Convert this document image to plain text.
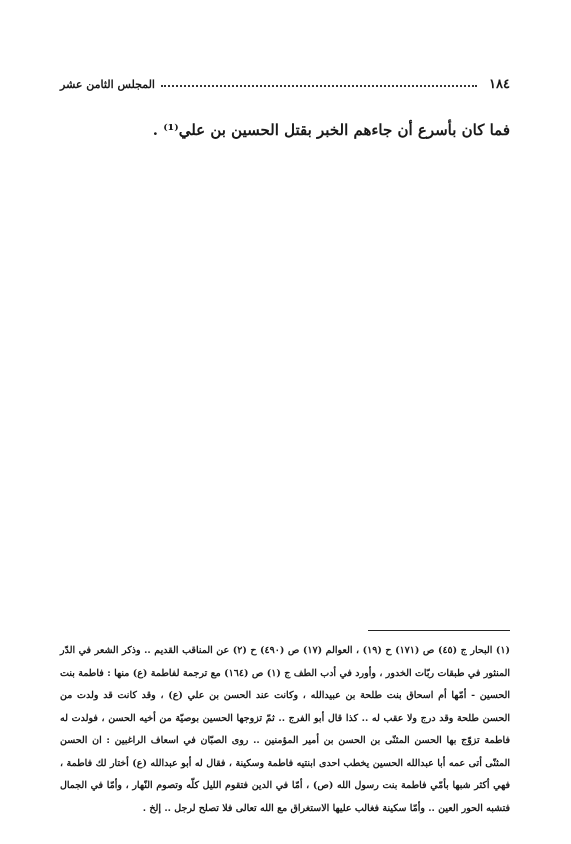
١٨٤
المجلس الثامن عشر
فما كان بأسرع أن جاءهم الخبر بقتل الحسين بن علي⁽¹⁾ .

(١) البحار ج (٤٥) ص (١٧١) ح (١٩) ، العوالم (١٧) ص (٤٩٠) ح (٢) عن المناقب القديم .. وذكر الشعر في الدّر المنثور في طبقات ربّات الخدور ، وأورد في أدب الطف ج (١) ص (١٦٤) مع ترجمة لفاطمة (ع) منها : فاطمة بنت الحسين - أمّها أم اسحاق بنت طلحة بن عبيدالله ، وكانت عند الحسن بن علي (ع) ، وقد كانت قد ولدت من الحسن طلحة وقد درج ولا عقب له .. كذا قال أبو الفرج .. ثمّ تزوجها الحسين بوصيّة من أخيه الحسن ، فولدت له فاطمة تزوّج بها الحسن المثنّى بن الحسن بن أمير المؤمنين .. روى الصبّان في اسعاف الراغبين : ان الحسن المثنّى أتى عمه أبا عبدالله الحسين يخطب احدى ابنتيه فاطمة وسكينة ، فقال له أبو عبدالله (ع) أختار لك فاطمة ، فهي أكثر شبها بأمّي فاطمة بنت رسول الله (ص) ، أمّا في الدين فتقوم الليل كلّه وتصوم النّهار ، وأمّا في الجمال فتشبه الحور العين .. وأمّا سكينة فغالب عليها الاستغراق مع الله تعالى فلا تصلح لرجل .. إلخ .
